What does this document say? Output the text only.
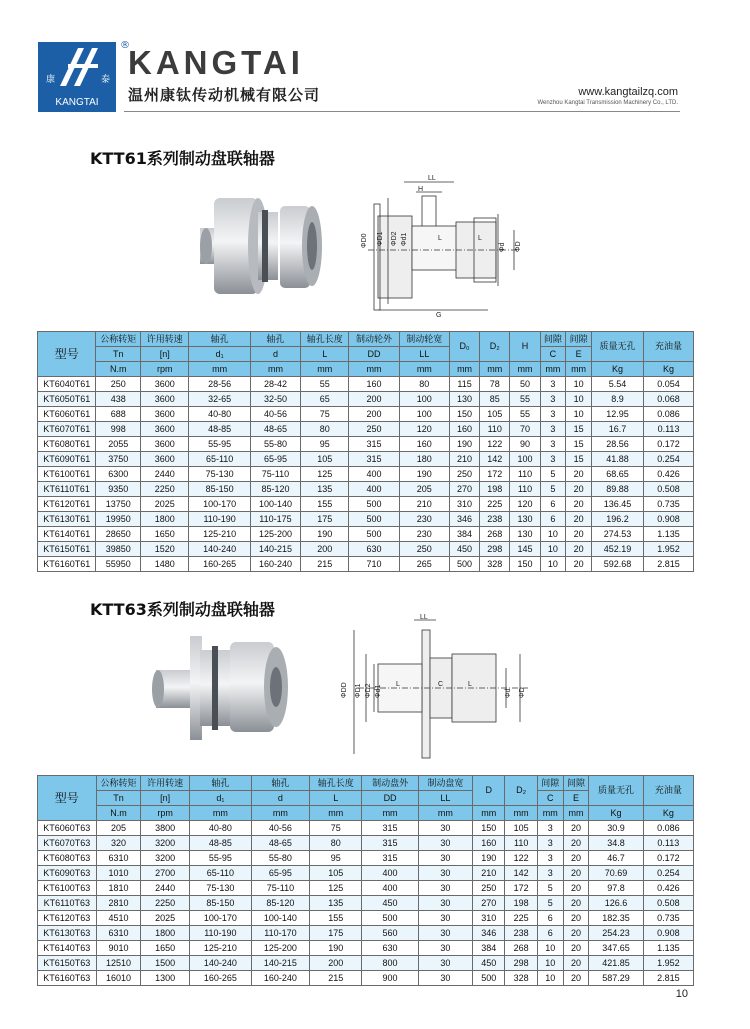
康	泰
KANGTAI
®
KANGTAI
温州康钛传动机械有限公司	www.kangtailzq.com
Wenzhou Kangtai Transmission Machinery Co., LTD.
KTT61系列制动盘联轴器
LL
H
ΦD0 ΦD1 ΦD2 Φd1	L	L
Φd ΦD
G
型号	公称转矩	许用转速	轴孔	轴孔	轴孔长度	制动轮外	制动轮宽	D₀	D₂	H	间隙	间隙	质量无孔	充油量
	Tn	[n]	d₁	d	L	DD	LL				C	E		
	N.m	rpm	mm	mm	mm	mm	mm	mm	mm	mm	mm	mm	Kg	Kg
KT6040T61	250	3600	28-56	28-42	55	160	80	115	78	50	3	10	5.54	0.054
KT6050T61	438	3600	32-65	32-50	65	200	100	130	85	55	3	10	8.9	0.068
KT6060T61	688	3600	40-80	40-56	75	200	100	150	105	55	3	10	12.95	0.086
KT6070T61	998	3600	48-85	48-65	80	250	120	160	110	70	3	15	16.7	0.113
KT6080T61	2055	3600	55-95	55-80	95	315	160	190	122	90	3	15	28.56	0.172
KT6090T61	3750	3600	65-110	65-95	105	315	180	210	142	100	3	15	41.88	0.254
KT6100T61	6300	2440	75-130	75-110	125	400	190	250	172	110	5	20	68.65	0.426
KT6110T61	9350	2250	85-150	85-120	135	400	205	270	198	110	5	20	89.88	0.508
KT6120T61	13750	2025	100-170	100-140	155	500	210	310	225	120	6	20	136.45	0.735
KT6130T61	19950	1800	110-190	110-175	175	500	230	346	238	130	6	20	196.2	0.908
KT6140T61	28650	1650	125-210	125-200	190	500	230	384	268	130	10	20	274.53	1.135
KT6150T61	39850	1520	140-240	140-215	200	630	250	450	298	145	10	20	452.19	1.952
KT6160T61	55950	1480	160-265	160-240	215	710	265	500	328	150	10	20	592.68	2.815
KTT63系列制动盘联轴器	LL
ΦDD ΦD1 ΦD2 Φd1
L	L
C
Φd ΦD
型号	公称转矩	许用转速	轴孔	轴孔	轴孔长度	制动盘外	制动盘宽	D	D₂	间隙	间隙	质量无孔	充油量
	Tn	[n]	d₁	d	L	DD	LL			C	E		
	N.m	rpm	mm	mm	mm	mm	mm	mm	mm	mm	mm	Kg	Kg
KT6060T63	205	3800	40-80	40-56	75	315	30	150	105	3	20	30.9	0.086
KT6070T63	320	3200	48-85	48-65	80	315	30	160	110	3	20	34.8	0.113
KT6080T63	6310	3200	55-95	55-80	95	315	30	190	122	3	20	46.7	0.172
KT6090T63	1010	2700	65-110	65-95	105	400	30	210	142	3	20	70.69	0.254
KT6100T63	1810	2440	75-130	75-110	125	400	30	250	172	5	20	97.8	0.426
KT6110T63	2810	2250	85-150	85-120	135	450	30	270	198	5	20	126.6	0.508
KT6120T63	4510	2025	100-170	100-140	155	500	30	310	225	6	20	182.35	0.735
KT6130T63	6310	1800	110-190	110-170	175	560	30	346	238	6	20	254.23	0.908
KT6140T63	9010	1650	125-210	125-200	190	630	30	384	268	10	20	347.65	1.135
KT6150T63	12510	1500	140-240	140-215	200	800	30	450	298	10	20	421.85	1.952
KT6160T63	16010	1300	160-265	160-240	215	900	30	500	328	10	20	587.29	2.815
10
